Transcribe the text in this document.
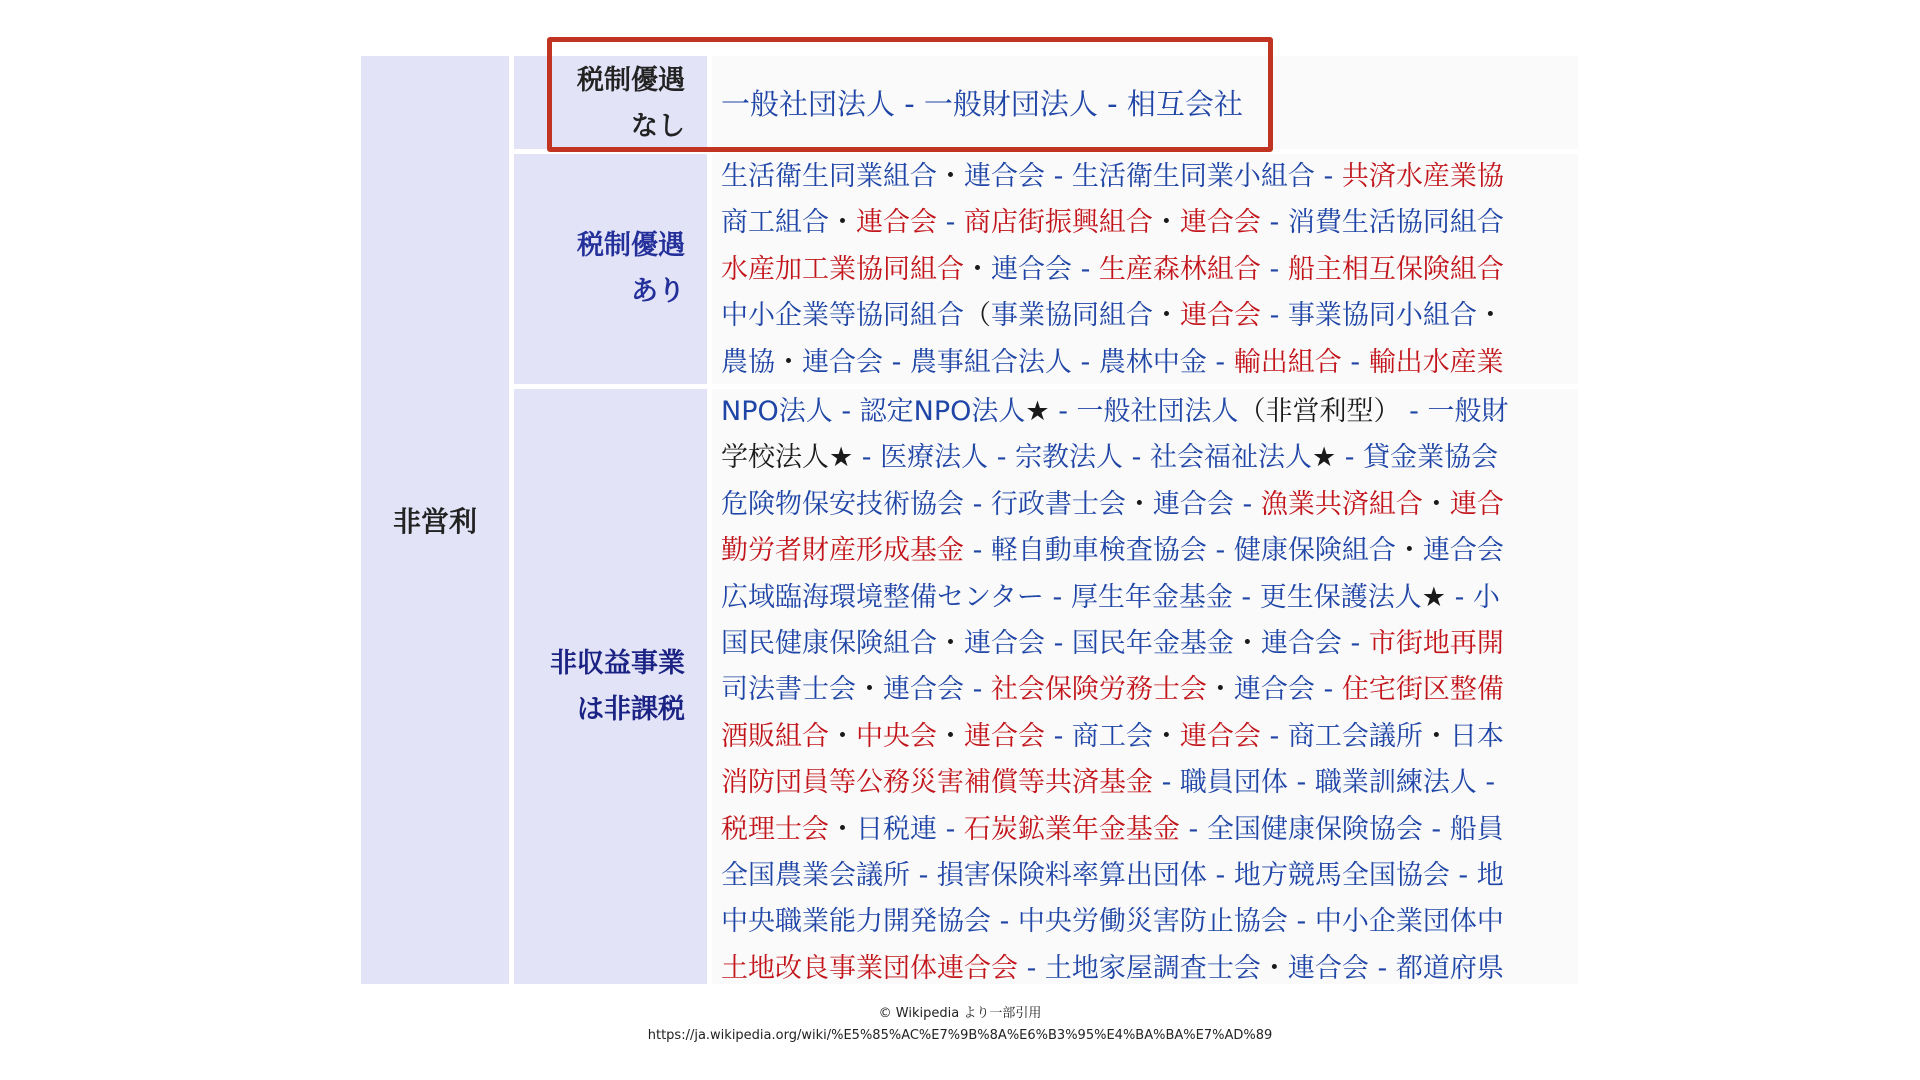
非営利
税制優遇
なし
一般社団法人 - 一般財団法人 - 相互会社
税制優遇
あり
生活衛生同業組合・連合会 - 生活衛生同業小組合 - 共済水産業協
商工組合・連合会 - 商店街振興組合・連合会 - 消費生活協同組合
水産加工業協同組合・連合会 - 生産森林組合 - 船主相互保険組合
中小企業等協同組合（事業協同組合・連合会 - 事業協同小組合・
農協・連合会 - 農事組合法人 - 農林中金 - 輸出組合 - 輸出水産業
非収益事業
は非課税
NPO法人 - 認定NPO法人★ - 一般社団法人（非営利型） - 一般財
学校法人★ - 医療法人 - 宗教法人 - 社会福祉法人★ - 貸金業協会
危険物保安技術協会 - 行政書士会・連合会 - 漁業共済組合・連合
勤労者財産形成基金 - 軽自動車検査協会 - 健康保険組合・連合会
広域臨海環境整備センター - 厚生年金基金 - 更生保護法人★ - 小
国民健康保険組合・連合会 - 国民年金基金・連合会 - 市街地再開
司法書士会・連合会 - 社会保険労務士会・連合会 - 住宅街区整備
酒販組合・中央会・連合会 - 商工会・連合会 - 商工会議所・日本
消防団員等公務災害補償等共済基金 - 職員団体 - 職業訓練法人 -
税理士会・日税連 - 石炭鉱業年金基金 - 全国健康保険協会 - 船員
全国農業会議所 - 損害保険料率算出団体 - 地方競馬全国協会 - 地
中央職業能力開発協会 - 中央労働災害防止協会 - 中小企業団体中
土地改良事業団体連合会 - 土地家屋調査士会・連合会 - 都道府県
© Wikipedia より一部引用
https://ja.wikipedia.org/wiki/%E5%85%AC%E7%9B%8A%E6%B3%95%E4%BA%BA%E7%AD%89
